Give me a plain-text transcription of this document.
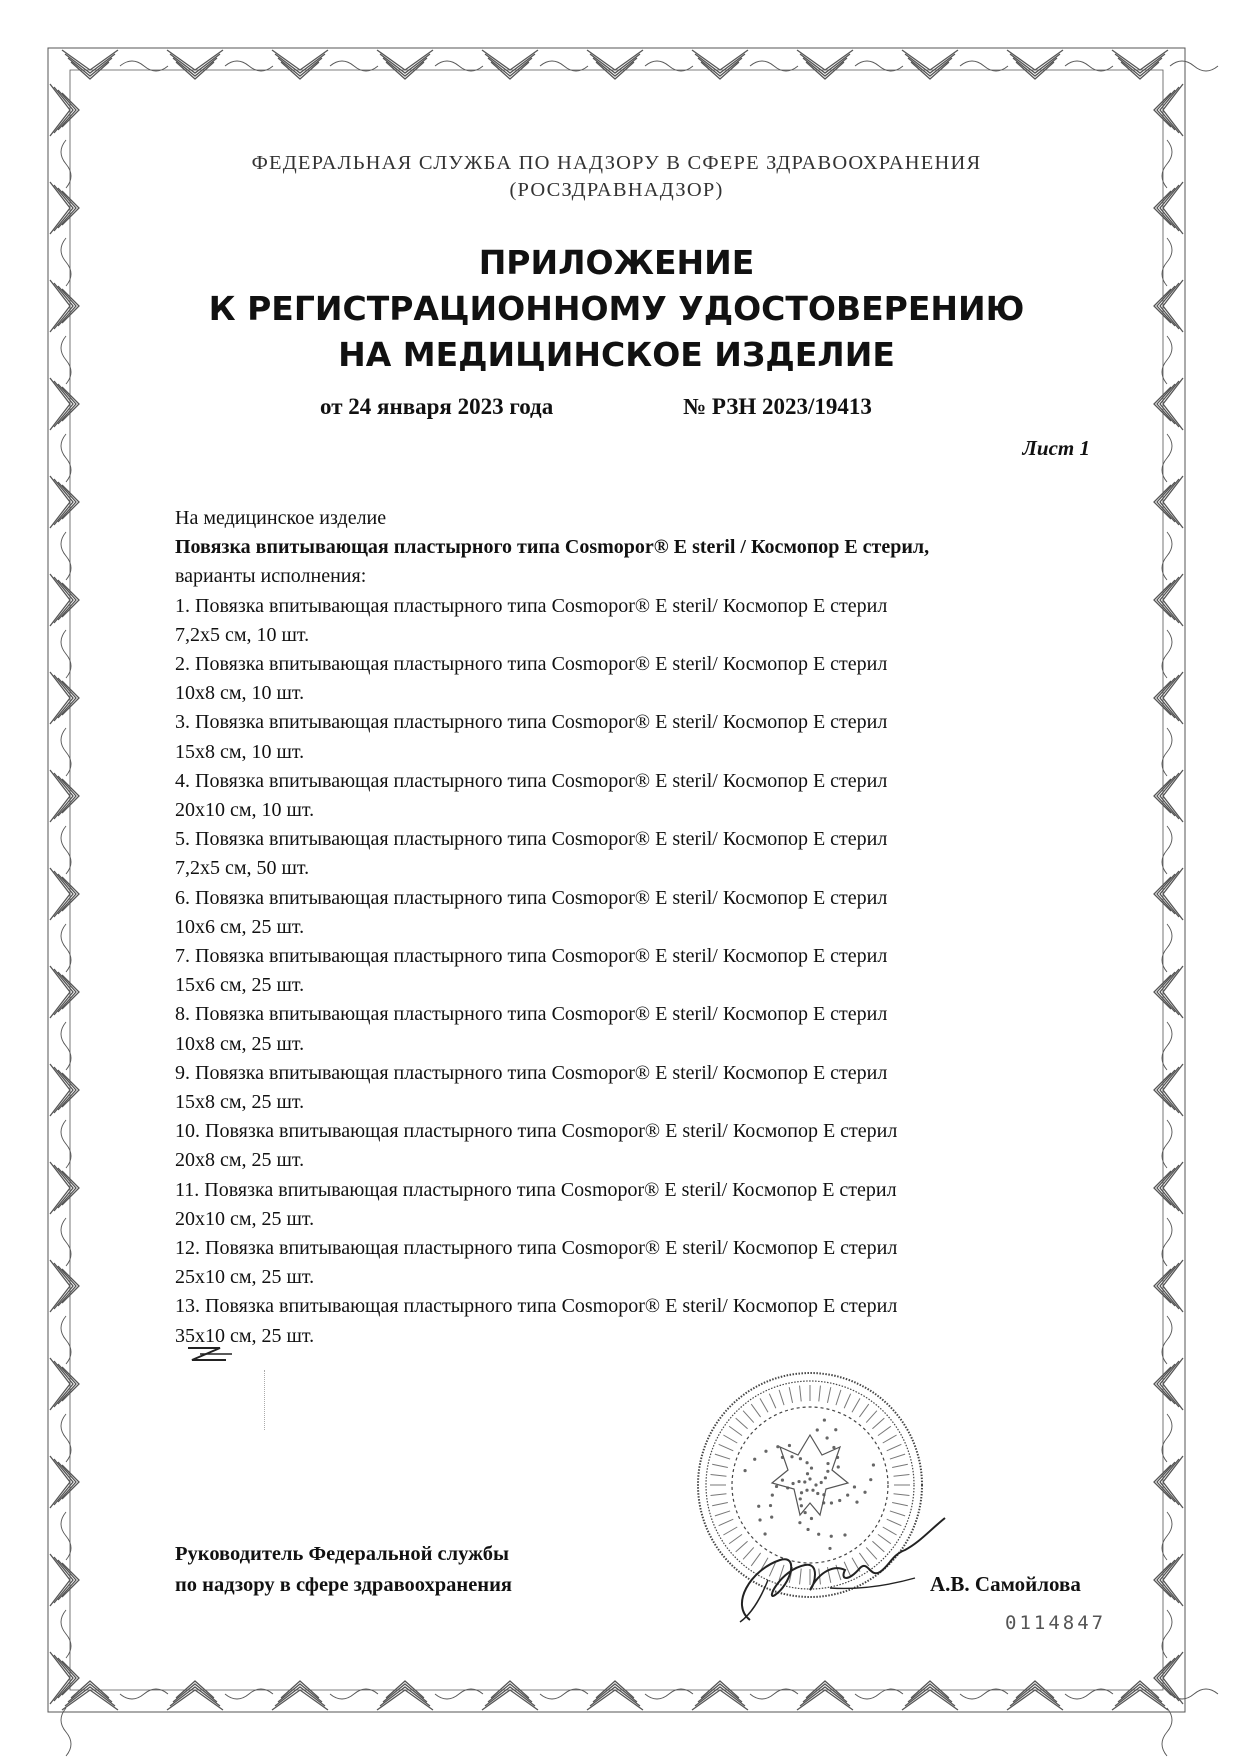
ФЕДЕРАЛЬНАЯ СЛУЖБА ПО НАДЗОРУ В СФЕРЕ ЗДРАВООХРАНЕНИЯ
(РОСЗДРАВНАДЗОР)
ПРИЛОЖЕНИЕ
К РЕГИСТРАЦИОННОМУ УДОСТОВЕРЕНИЮ
НА МЕДИЦИНСКОЕ ИЗДЕЛИЕ
от 24 января 2023 года	№ РЗН 2023/19413
Лист 1
На медицинское изделие
Повязка впитывающая пластырного типа Cosmopor® E steril / Космопор Е стерил,
варианты исполнения:
1. Повязка впитывающая пластырного типа Cosmopor® E steril/ Космопор Е стерил
7,2x5 см, 10 шт.
2. Повязка впитывающая пластырного типа Cosmopor® E steril/ Космопор Е стерил
10x8 см, 10 шт.
3. Повязка впитывающая пластырного типа Cosmopor® E steril/ Космопор Е стерил
15x8 см, 10 шт.
4. Повязка впитывающая пластырного типа Cosmopor® E steril/ Космопор Е стерил
20x10 см, 10 шт.
5. Повязка впитывающая пластырного типа Cosmopor® E steril/ Космопор Е стерил
7,2x5 см, 50 шт.
6. Повязка впитывающая пластырного типа Cosmopor® E steril/ Космопор Е стерил
10x6 см, 25 шт.
7. Повязка впитывающая пластырного типа Cosmopor® E steril/ Космопор Е стерил
15x6 см, 25 шт.
8. Повязка впитывающая пластырного типа Cosmopor® E steril/ Космопор Е стерил
10x8 см, 25 шт.
9. Повязка впитывающая пластырного типа Cosmopor® E steril/ Космопор Е стерил
15x8 см, 25 шт.
10. Повязка впитывающая пластырного типа Cosmopor® E steril/ Космопор Е стерил
20x8 см, 25 шт.
11. Повязка впитывающая пластырного типа Cosmopor® E steril/ Космопор Е стерил
20x10 см, 25 шт.
12. Повязка впитывающая пластырного типа Cosmopor® E steril/ Космопор Е стерил
25x10 см, 25 шт.
13. Повязка впитывающая пластырного типа Cosmopor® E steril/ Космопор Е стерил
35x10 см, 25 шт.
Руководитель Федеральной службы
по надзору в сфере здравоохранения	А.В. Самойлова
0114847
